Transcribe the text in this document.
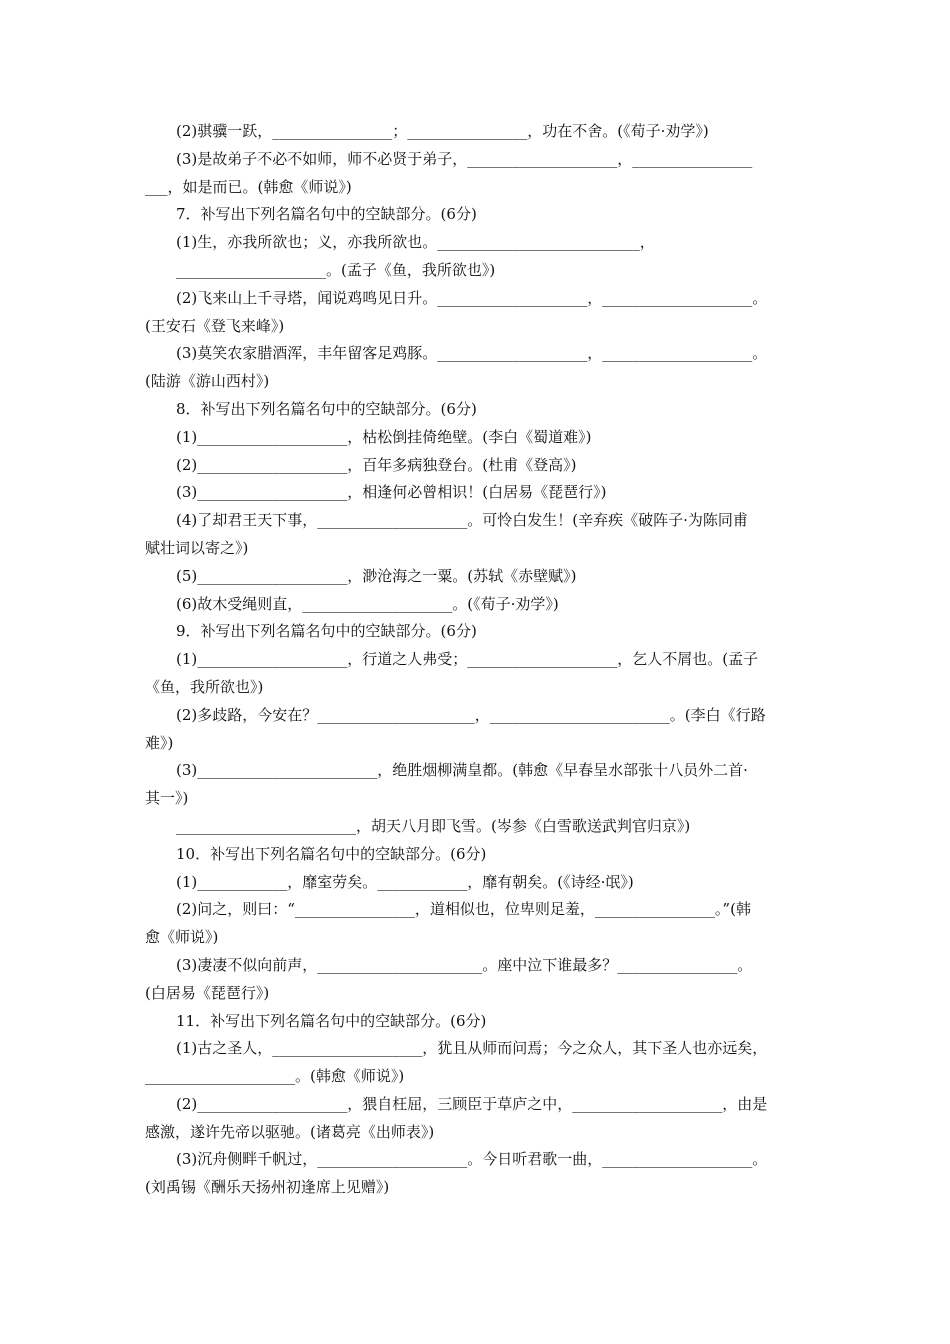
(2)骐骥一跃，________________；________________，功在不舍。(《荀子·劝学》)
(3)是故弟子不必不如师，师不必贤于弟子，____________________，________________
___，如是而已。(韩愈《师说》)
7．补写出下列名篇名句中的空缺部分。(6分)
(1)生，亦我所欲也；义，亦我所欲也。___________________________，
____________________。(孟子《鱼，我所欲也》)
(2)飞来山上千寻塔，闻说鸡鸣见日升。____________________，____________________。
(王安石《登飞来峰》)
(3)莫笑农家腊酒浑，丰年留客足鸡豚。____________________，____________________。
(陆游《游山西村》)
8．补写出下列名篇名句中的空缺部分。(6分)
(1)____________________，枯松倒挂倚绝壁。(李白《蜀道难》)
(2)____________________，百年多病独登台。(杜甫《登高》)
(3)____________________，相逢何必曾相识！(白居易《琵琶行》)
(4)了却君王天下事，____________________。可怜白发生！(辛弃疾《破阵子·为陈同甫
赋壮词以寄之》)
(5)____________________，渺沧海之一粟。(苏轼《赤壁赋》)
(6)故木受绳则直，____________________。(《荀子·劝学》)
9．补写出下列名篇名句中的空缺部分。(6分)
(1)____________________，行道之人弗受；____________________，乞人不屑也。(孟子
《鱼，我所欲也》)
(2)多歧路，今安在？_____________________，________________________。(李白《行路
难》)
(3)________________________，绝胜烟柳满皇都。(韩愈《早春呈水部张十八员外二首·
其一》)
________________________，胡天八月即飞雪。(岑参《白雪歌送武判官归京》)
10．补写出下列名篇名句中的空缺部分。(6分)
(1)____________，靡室劳矣。____________，靡有朝矣。(《诗经·氓》)
(2)问之，则曰：“________________，道相似也，位卑则足羞，________________。”(韩
愈《师说》)
(3)凄凄不似向前声，______________________。座中泣下谁最多？________________。
(白居易《琵琶行》)
11．补写出下列名篇名句中的空缺部分。(6分)
(1)古之圣人，____________________，犹且从师而问焉；今之众人，其下圣人也亦远矣，
____________________。(韩愈《师说》)
(2)____________________，猥自枉屈，三顾臣于草庐之中，____________________，由是
感激，遂许先帝以驱驰。(诸葛亮《出师表》)
(3)沉舟侧畔千帆过，____________________。今日听君歌一曲，____________________。
(刘禹锡《酬乐天扬州初逢席上见赠》)
